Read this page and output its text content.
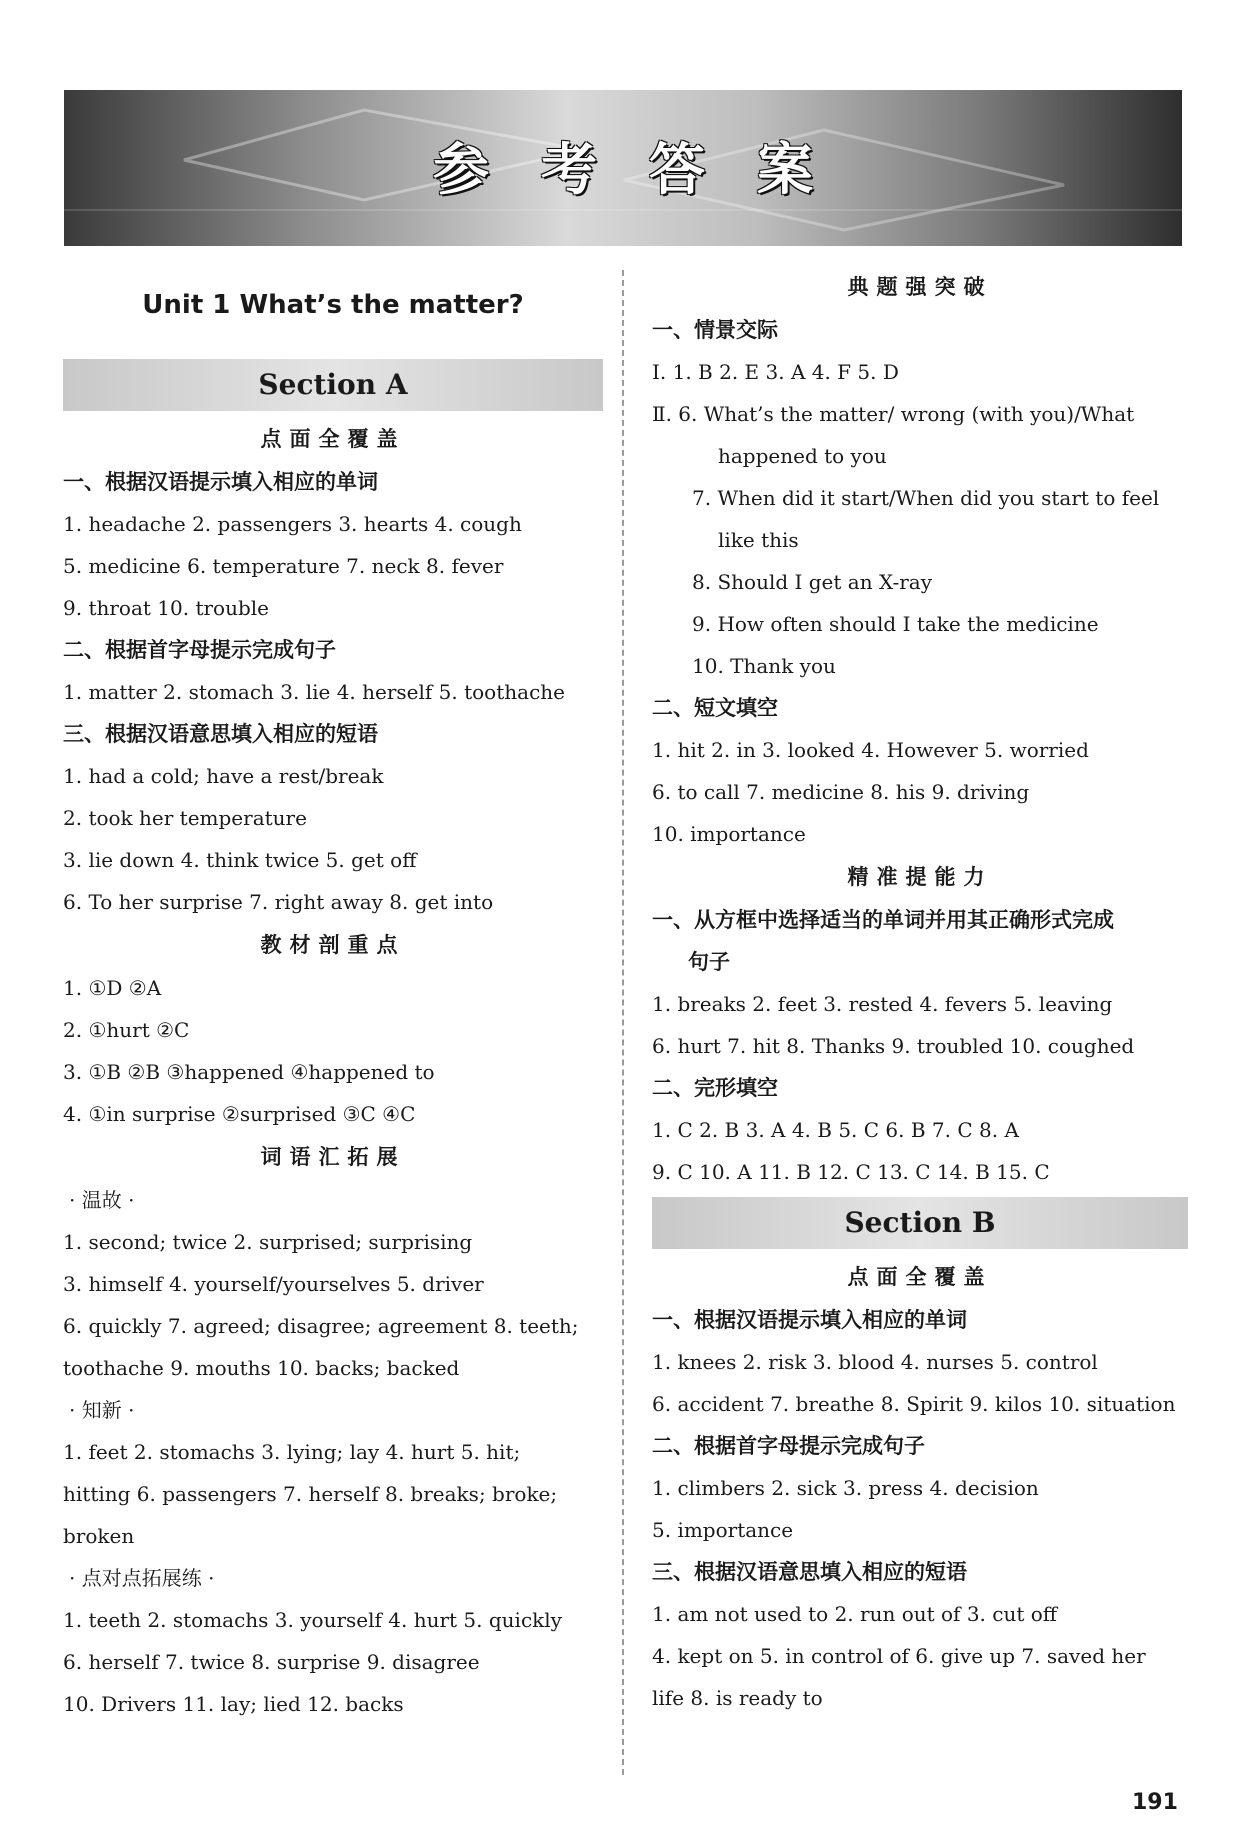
参考答案
Unit 1 What’s the matter?
Section A
点面全覆盖
一、根据汉语提示填入相应的单词
1. headache 2. passengers 3. hearts 4. cough
5. medicine 6. temperature 7. neck 8. fever
9. throat 10. trouble
二、根据首字母提示完成句子
1. matter 2. stomach 3. lie 4. herself 5. toothache
三、根据汉语意思填入相应的短语
1. had a cold; have a rest/break
2. took her temperature
3. lie down 4. think twice 5. get off
6. To her surprise 7. right away 8. get into
教材剖重点
1. ①D ②A
2. ①hurt ②C
3. ①B ②B ③happened ④happened to
4. ①in surprise ②surprised ③C ④C
词语汇拓展
· 温故 ·
1. second; twice 2. surprised; surprising
3. himself 4. yourself/yourselves 5. driver
6. quickly 7. agreed; disagree; agreement 8. teeth;
toothache 9. mouths 10. backs; backed
· 知新 ·
1. feet 2. stomachs 3. lying; lay 4. hurt 5. hit;
hitting 6. passengers 7. herself 8. breaks; broke;
broken
· 点对点拓展练 ·
1. teeth 2. stomachs 3. yourself 4. hurt 5. quickly
6. herself 7. twice 8. surprise 9. disagree
10. Drivers 11. lay; lied 12. backs
典题强突破
一、情景交际
Ⅰ. 1. B 2. E 3. A 4. F 5. D
Ⅱ. 6. What’s the matter/ wrong (with you)/What
happened to you
7. When did it start/When did you start to feel
like this
8. Should I get an X-ray
9. How often should I take the medicine
10. Thank you
二、短文填空
1. hit 2. in 3. looked 4. However 5. worried
6. to call 7. medicine 8. his 9. driving
10. importance
精准提能力
一、从方框中选择适当的单词并用其正确形式完成
句子
1. breaks 2. feet 3. rested 4. fevers 5. leaving
6. hurt 7. hit 8. Thanks 9. troubled 10. coughed
二、完形填空
1. C 2. B 3. A 4. B 5. C 6. B 7. C 8. A
9. C 10. A 11. B 12. C 13. C 14. B 15. C
Section B
点面全覆盖
一、根据汉语提示填入相应的单词
1. knees 2. risk 3. blood 4. nurses 5. control
6. accident 7. breathe 8. Spirit 9. kilos 10. situation
二、根据首字母提示完成句子
1. climbers 2. sick 3. press 4. decision
5. importance
三、根据汉语意思填入相应的短语
1. am not used to 2. run out of 3. cut off
4. kept on 5. in control of 6. give up 7. saved her
life 8. is ready to
191
